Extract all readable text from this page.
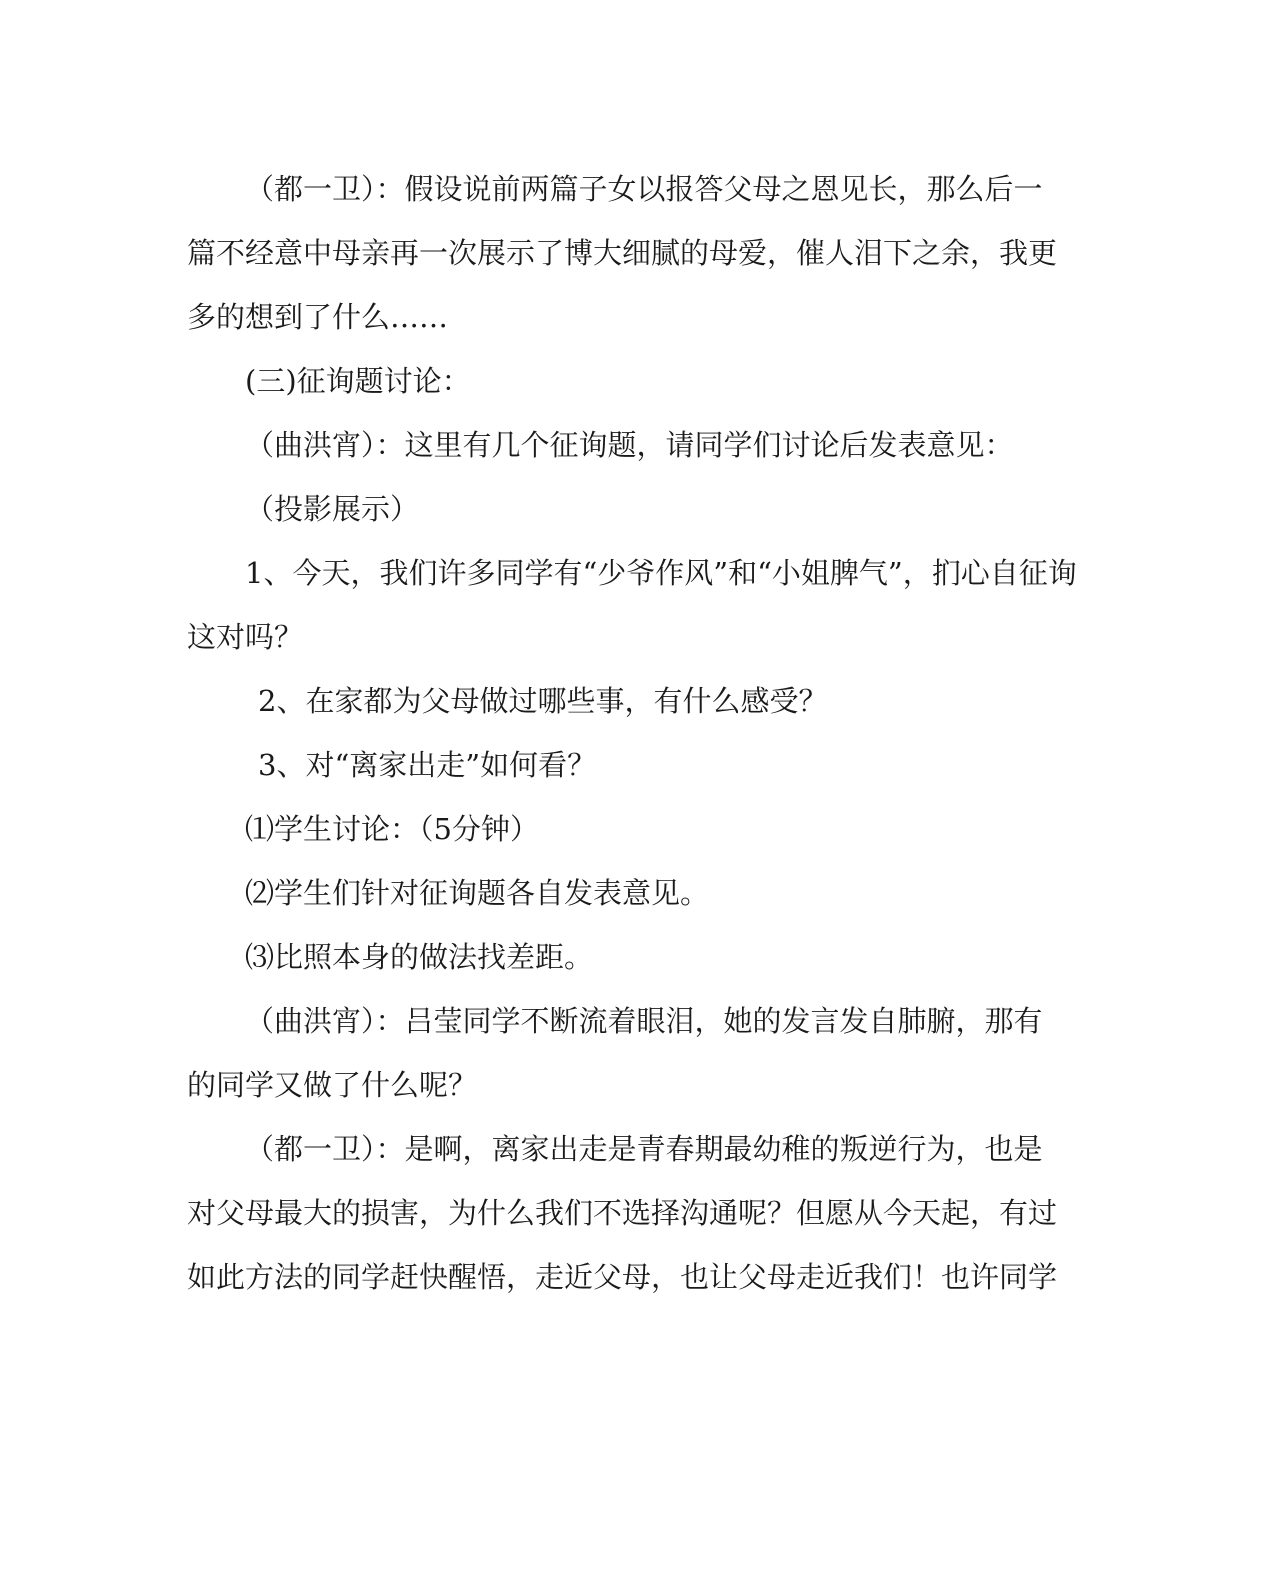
（都一卫）：假设说前两篇子女以报答父母之恩见长，那么后一
篇不经意中母亲再一次展示了博大细腻的母爱，催人泪下之余，我更
多的想到了什么……
(三)征询题讨论：
（曲洪宵）：这里有几个征询题，请同学们讨论后发表意见：
（投影展示）
1、今天，我们许多同学有“少爷作风”和“小姐脾气”，扪心自征询
这对吗？
2、在家都为父母做过哪些事，有什么感受？
3、对“离家出走”如何看？
⑴学生讨论：（5分钟）
⑵学生们针对征询题各自发表意见。
⑶比照本身的做法找差距。
（曲洪宵）：吕莹同学不断流着眼泪，她的发言发自肺腑，那有
的同学又做了什么呢？
（都一卫）：是啊，离家出走是青春期最幼稚的叛逆行为，也是
对父母最大的损害，为什么我们不选择沟通呢？但愿从今天起，有过
如此方法的同学赶快醒悟，走近父母，也让父母走近我们！也许同学
